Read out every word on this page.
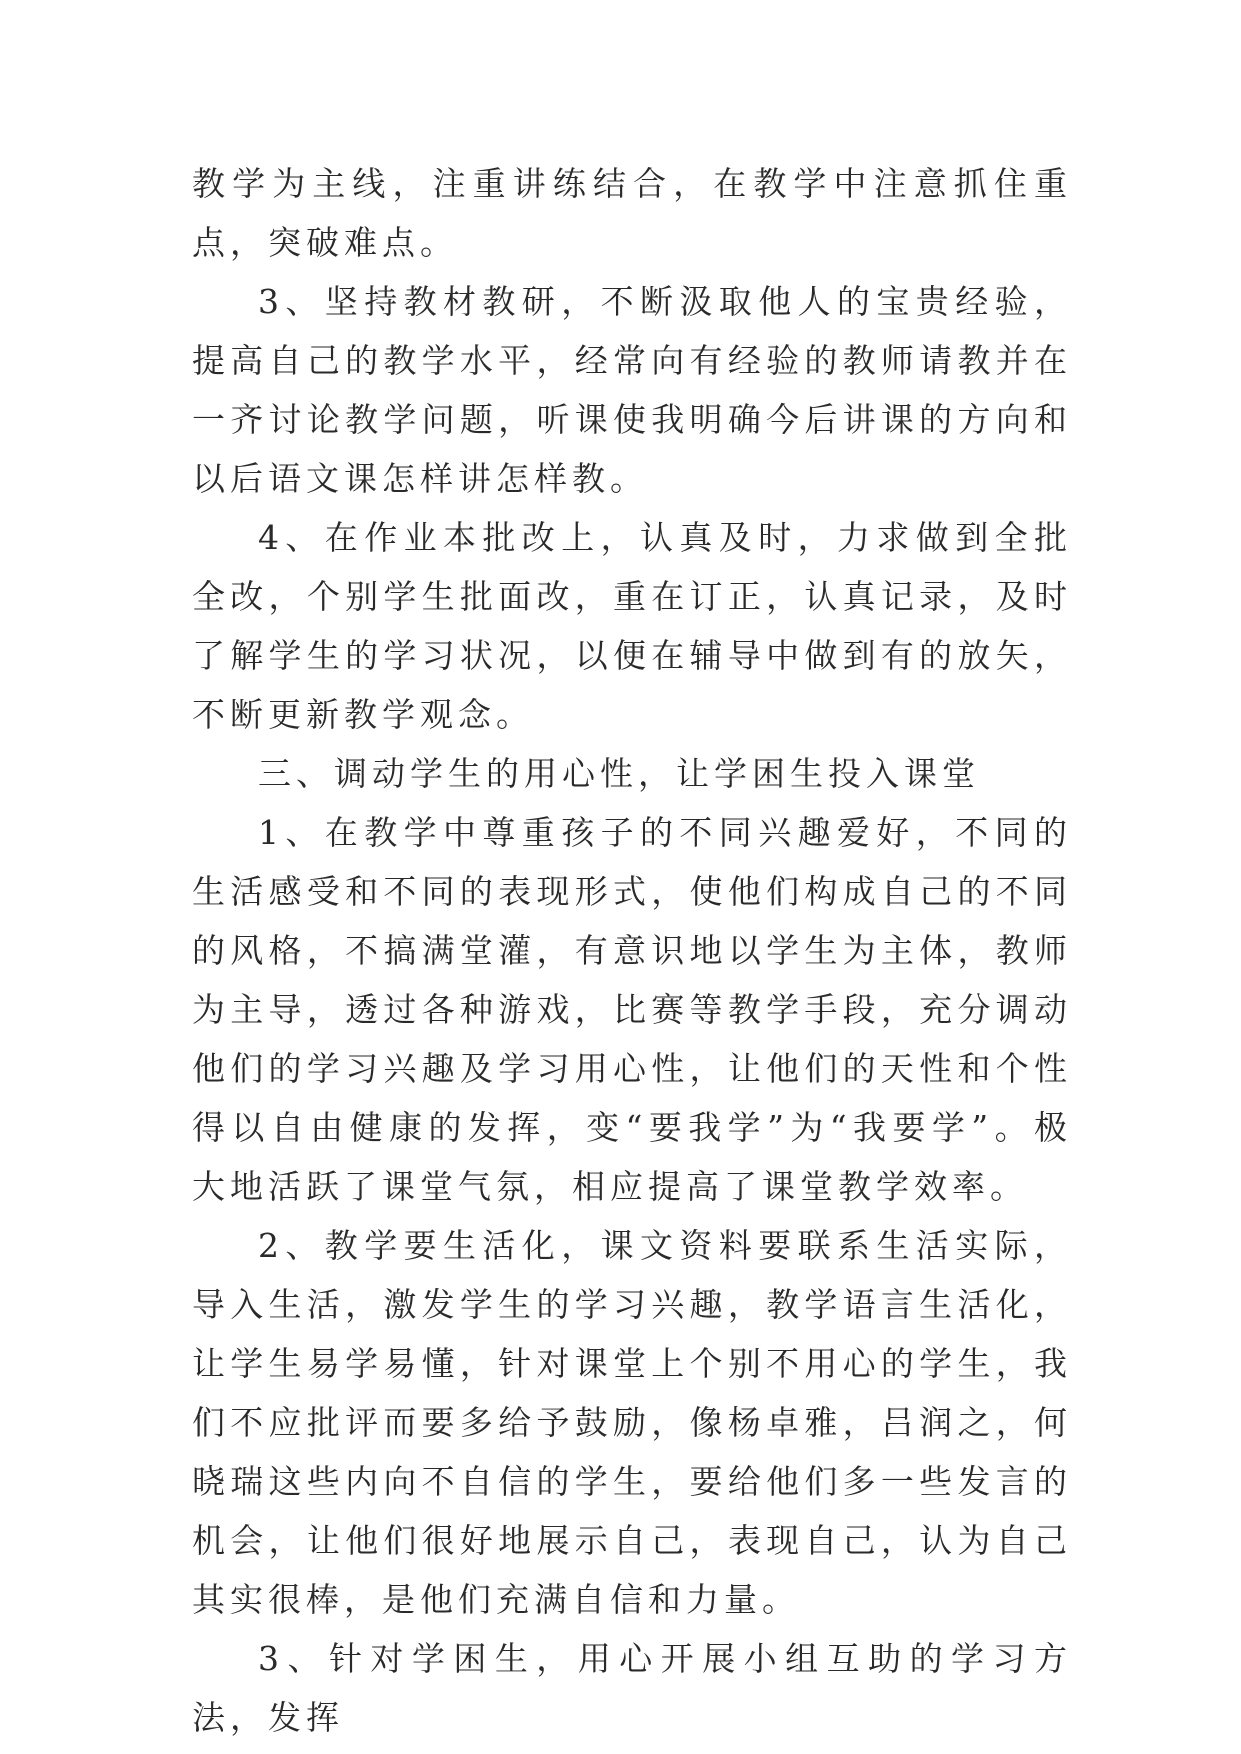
教学为主线，注重讲练结合，在教学中注意抓住重点，突破难点。

3、坚持教材教研，不断汲取他人的宝贵经验，提高自己的教学水平，经常向有经验的教师请教并在一齐讨论教学问题，听课使我明确今后讲课的方向和以后语文课怎样讲怎样教。

4、在作业本批改上，认真及时，力求做到全批全改，个别学生批面改，重在订正，认真记录，及时了解学生的学习状况，以便在辅导中做到有的放矢，不断更新教学观念。

三、调动学生的用心性，让学困生投入课堂

1、在教学中尊重孩子的不同兴趣爱好，不同的生活感受和不同的表现形式，使他们构成自己的不同的风格，不搞满堂灌，有意识地以学生为主体，教师为主导，透过各种游戏，比赛等教学手段，充分调动他们的学习兴趣及学习用心性，让他们的天性和个性得以自由健康的发挥，变“要我学”为“我要学”。极大地活跃了课堂气氛，相应提高了课堂教学效率。

2、教学要生活化，课文资料要联系生活实际，导入生活，激发学生的学习兴趣，教学语言生活化，让学生易学易懂，针对课堂上个别不用心的学生，我们不应批评而要多给予鼓励，像杨卓雅，吕润之，何晓瑞这些内向不自信的学生，要给他们多一些发言的机会，让他们很好地展示自己，表现自己，认为自己其实很棒，是他们充满自信和力量。

3、针对学困生，用心开展小组互助的学习方法，发挥
